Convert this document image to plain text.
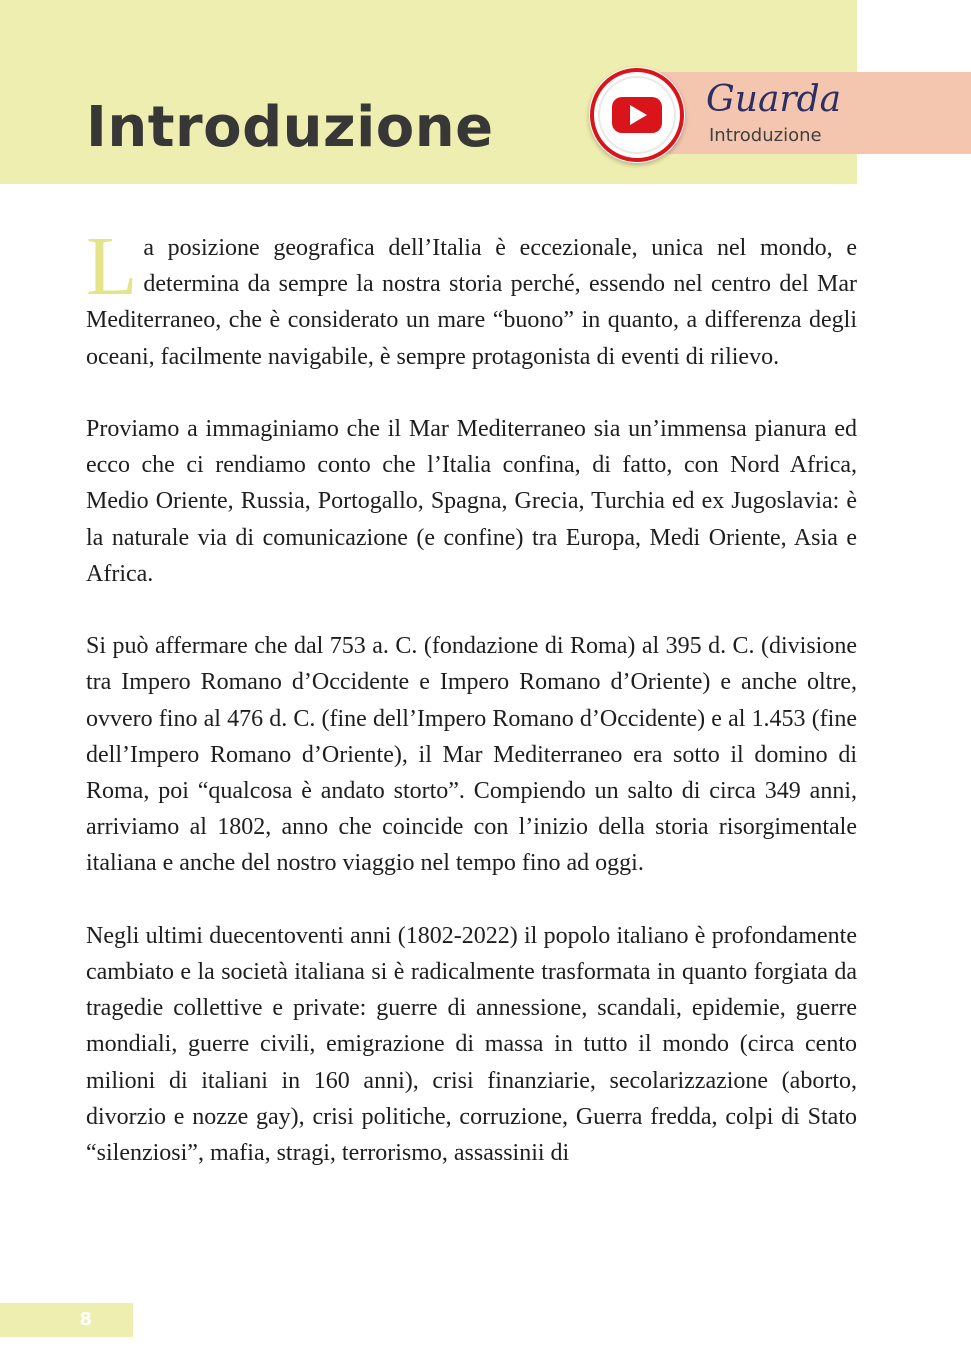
Introduzione	Guarda
Introduzione

La posizione geografica dell’Italia è eccezionale, unica nel mondo, e determina da sempre la nostra storia perché, essendo nel centro del Mar Mediterraneo, che è considerato un mare “buono” in quanto, a differenza degli oceani, facilmente navigabile, è sempre protagonista di eventi di rilievo.

Proviamo a immaginiamo che il Mar Mediterraneo sia un’immensa pianura ed ecco che ci rendiamo conto che l’Italia confina, di fatto, con Nord Africa, Medio Oriente, Russia, Portogallo, Spagna, Grecia, Turchia ed ex Jugoslavia: è la naturale via di comunicazione (e confine) tra Europa, Medi Oriente, Asia e Africa.

Si può affermare che dal 753 a. C. (fondazione di Roma) al 395 d. C. (divisione tra Impero Romano d’Occidente e Impero Romano d’Oriente) e anche oltre, ovvero fino al 476 d. C. (fine dell’Impero Romano d’Occidente) e al 1.453 (fine dell’Impero Romano d’Oriente), il Mar Mediterraneo era sotto il domino di Roma, poi “qualcosa è andato storto”. Compiendo un salto di circa 349 anni, arriviamo al 1802, anno che coincide con l’inizio della storia risorgimentale italiana e anche del nostro viaggio nel tempo fino ad oggi.

Negli ultimi duecentoventi anni (1802-2022) il popolo italiano è profondamente cambiato e la società italiana si è radicalmente trasformata in quanto forgiata da tragedie collettive e private: guerre di annessione, scandali, epidemie, guerre mondiali, guerre civili, emigrazione di massa in tutto il mondo (circa cento milioni di italiani in 160 anni), crisi finanziarie, secolarizzazione (aborto, divorzio e nozze gay), crisi politiche, corruzione, Guerra fredda, colpi di Stato “silenziosi”, mafia, stragi, terrorismo, assassinii di

8
